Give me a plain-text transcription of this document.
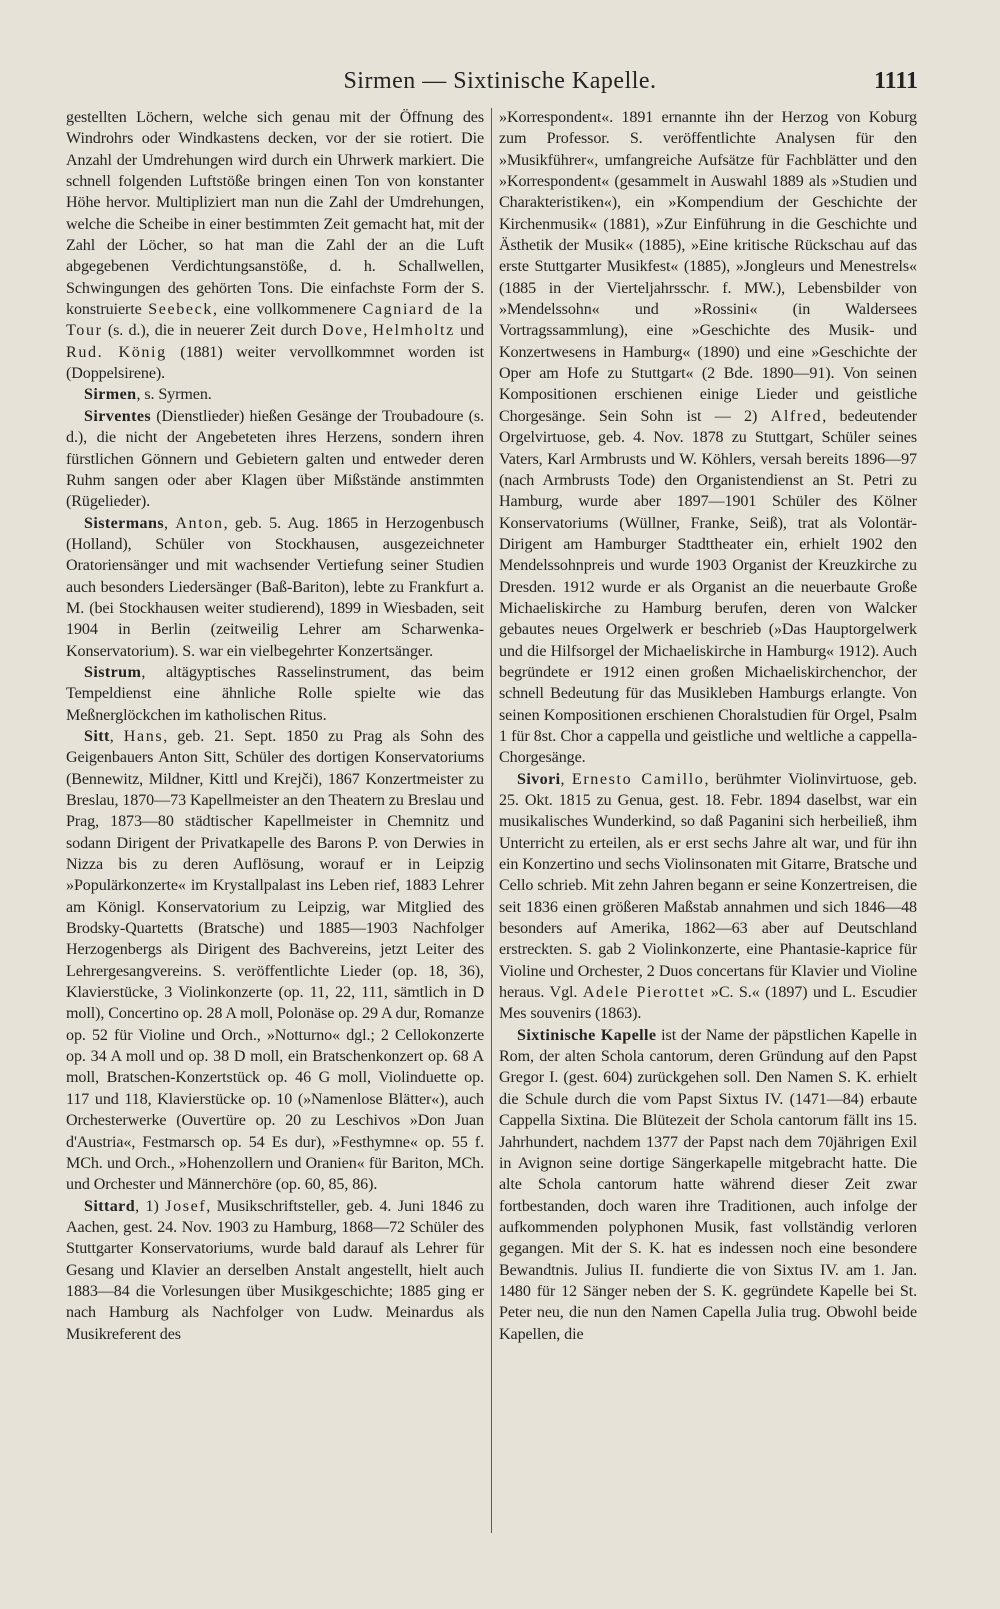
Sirmen — Sixtinische Kapelle.	1111

gestellten Löchern, welche sich genau mit der Öffnung des Windrohrs oder Windkastens decken, vor der sie rotiert. Die Anzahl der Umdrehungen wird durch ein Uhrwerk markiert. Die schnell folgenden Luftstöße bringen einen Ton von konstanter Höhe hervor. Multipliziert man nun die Zahl der Umdrehungen, welche die Scheibe in einer bestimmten Zeit gemacht hat, mit der Zahl der Löcher, so hat man die Zahl der an die Luft abgegebenen Verdichtungsanstöße, d. h. Schallwellen, Schwingungen des gehörten Tons. Die einfachste Form der S. konstruierte Seebeck, eine vollkommenere Cagniard de la Tour (s. d.), die in neuerer Zeit durch Dove, Helmholtz und Rud. König (1881) weiter vervollkommnet worden ist (Doppelsirene).

Sirmen, s. Syrmen.

Sirventes (Dienstlieder) hießen Gesänge der Troubadoure (s. d.), die nicht der Angebeteten ihres Herzens, sondern ihren fürstlichen Gönnern und Gebietern galten und entweder deren Ruhm sangen oder aber Klagen über Mißstände anstimmten (Rügelieder).

Sistermans, Anton, geb. 5. Aug. 1865 in Herzogenbusch (Holland), Schüler von Stockhausen, ausgezeichneter Oratoriensänger und mit wachsender Vertiefung seiner Studien auch besonders Liedersänger (Baß-Bariton), lebte zu Frankfurt a. M. (bei Stockhausen weiter studierend), 1899 in Wiesbaden, seit 1904 in Berlin (zeitweilig Lehrer am Scharwenka-Konservatorium). S. war ein vielbegehrter Konzertsänger.

Sistrum, altägyptisches Rasselinstrument, das beim Tempeldienst eine ähnliche Rolle spielte wie das Meßnerglöckchen im katholischen Ritus.

Sitt, Hans, geb. 21. Sept. 1850 zu Prag als Sohn des Geigenbauers Anton Sitt, Schüler des dortigen Konservatoriums (Bennewitz, Mildner, Kittl und Krejči), 1867 Konzertmeister zu Breslau, 1870—73 Kapellmeister an den Theatern zu Breslau und Prag, 1873—80 städtischer Kapellmeister in Chemnitz und sodann Dirigent der Privatkapelle des Barons P. von Derwies in Nizza bis zu deren Auflösung, worauf er in Leipzig »Populärkonzerte« im Krystallpalast ins Leben rief, 1883 Lehrer am Königl. Konservatorium zu Leipzig, war Mitglied des Brodsky-Quartetts (Bratsche) und 1885—1903 Nachfolger Herzogenbergs als Dirigent des Bachvereins, jetzt Leiter des Lehrergesangvereins. S. veröffentlichte Lieder (op. 18, 36), Klavierstücke, 3 Violinkonzerte (op. 11, 22, 111, sämtlich in D moll), Concertino op. 28 A moll, Polonäse op. 29 A dur, Romanze op. 52 für Violine und Orch., »Notturno« dgl.; 2 Cellokonzerte op. 34 A moll und op. 38 D moll, ein Bratschenkonzert op. 68 A moll, Bratschen-Konzertstück op. 46 G moll, Violinduette op. 117 und 118, Klavierstücke op. 10 (»Namenlose Blätter«), auch Orchesterwerke (Ouvertüre op. 20 zu Leschivos »Don Juan d'Austria«, Festmarsch op. 54 Es dur), »Festhymne« op. 55 f. MCh. und Orch., »Hohenzollern und Oranien« für Bariton, MCh. und Orchester und Männerchöre (op. 60, 85, 86).

Sittard, 1) Josef, Musikschriftsteller, geb. 4. Juni 1846 zu Aachen, gest. 24. Nov. 1903 zu Hamburg, 1868—72 Schüler des Stuttgarter Konservatoriums, wurde bald darauf als Lehrer für Gesang und Klavier an derselben Anstalt angestellt, hielt auch 1883—84 die Vorlesungen über Musikgeschichte; 1885 ging er nach Hamburg als Nachfolger von Ludw. Meinardus als Musikreferent des

»Korrespondent«. 1891 ernannte ihn der Herzog von Koburg zum Professor. S. veröffentlichte Analysen für den »Musikführer«, umfangreiche Aufsätze für Fachblätter und den »Korrespondent« (gesammelt in Auswahl 1889 als »Studien und Charakteristiken«), ein »Kompendium der Geschichte der Kirchenmusik« (1881), »Zur Einführung in die Geschichte und Ästhetik der Musik« (1885), »Eine kritische Rückschau auf das erste Stuttgarter Musikfest« (1885), »Jongleurs und Menestrels« (1885 in der Vierteljahrsschr. f. MW.), Lebensbilder von »Mendelssohn« und »Rossini« (in Waldersees Vortragssammlung), eine »Geschichte des Musik- und Konzertwesens in Hamburg« (1890) und eine »Geschichte der Oper am Hofe zu Stuttgart« (2 Bde. 1890—91). Von seinen Kompositionen erschienen einige Lieder und geistliche Chorgesänge. Sein Sohn ist — 2) Alfred, bedeutender Orgelvirtuose, geb. 4. Nov. 1878 zu Stuttgart, Schüler seines Vaters, Karl Armbrusts und W. Köhlers, versah bereits 1896—97 (nach Armbrusts Tode) den Organistendienst an St. Petri zu Hamburg, wurde aber 1897—1901 Schüler des Kölner Konservatoriums (Wüllner, Franke, Seiß), trat als Volontär-Dirigent am Hamburger Stadttheater ein, erhielt 1902 den Mendelssohnpreis und wurde 1903 Organist der Kreuzkirche zu Dresden. 1912 wurde er als Organist an die neuerbaute Große Michaeliskirche zu Hamburg berufen, deren von Walcker gebautes neues Orgelwerk er beschrieb (»Das Hauptorgelwerk und die Hilfsorgel der Michaeliskirche in Hamburg« 1912). Auch begründete er 1912 einen großen Michaeliskirchenchor, der schnell Bedeutung für das Musikleben Hamburgs erlangte. Von seinen Kompositionen erschienen Choralstudien für Orgel, Psalm 1 für 8st. Chor a cappella und geistliche und weltliche a cappella-Chorgesänge.

Sivori, Ernesto Camillo, berühmter Violinvirtuose, geb. 25. Okt. 1815 zu Genua, gest. 18. Febr. 1894 daselbst, war ein musikalisches Wunderkind, so daß Paganini sich herbeiließ, ihm Unterricht zu erteilen, als er erst sechs Jahre alt war, und für ihn ein Konzertino und sechs Violinsonaten mit Gitarre, Bratsche und Cello schrieb. Mit zehn Jahren begann er seine Konzertreisen, die seit 1836 einen größeren Maßstab annahmen und sich 1846—48 besonders auf Amerika, 1862—63 aber auf Deutschland erstreckten. S. gab 2 Violinkonzerte, eine Phantasie-kaprice für Violine und Orchester, 2 Duos concertans für Klavier und Violine heraus. Vgl. Adele Pierottet »C. S.« (1897) und L. Escudier Mes souvenirs (1863).

Sixtinische Kapelle ist der Name der päpstlichen Kapelle in Rom, der alten Schola cantorum, deren Gründung auf den Papst Gregor I. (gest. 604) zurückgehen soll. Den Namen S. K. erhielt die Schule durch die vom Papst Sixtus IV. (1471—84) erbaute Cappella Sixtina. Die Blütezeit der Schola cantorum fällt ins 15. Jahrhundert, nachdem 1377 der Papst nach dem 70jährigen Exil in Avignon seine dortige Sängerkapelle mitgebracht hatte. Die alte Schola cantorum hatte während dieser Zeit zwar fortbestanden, doch waren ihre Traditionen, auch infolge der aufkommenden polyphonen Musik, fast vollständig verloren gegangen. Mit der S. K. hat es indessen noch eine besondere Bewandtnis. Julius II. fundierte die von Sixtus IV. am 1. Jan. 1480 für 12 Sänger neben der S. K. gegründete Kapelle bei St. Peter neu, die nun den Namen Capella Julia trug. Obwohl beide Kapellen, die
